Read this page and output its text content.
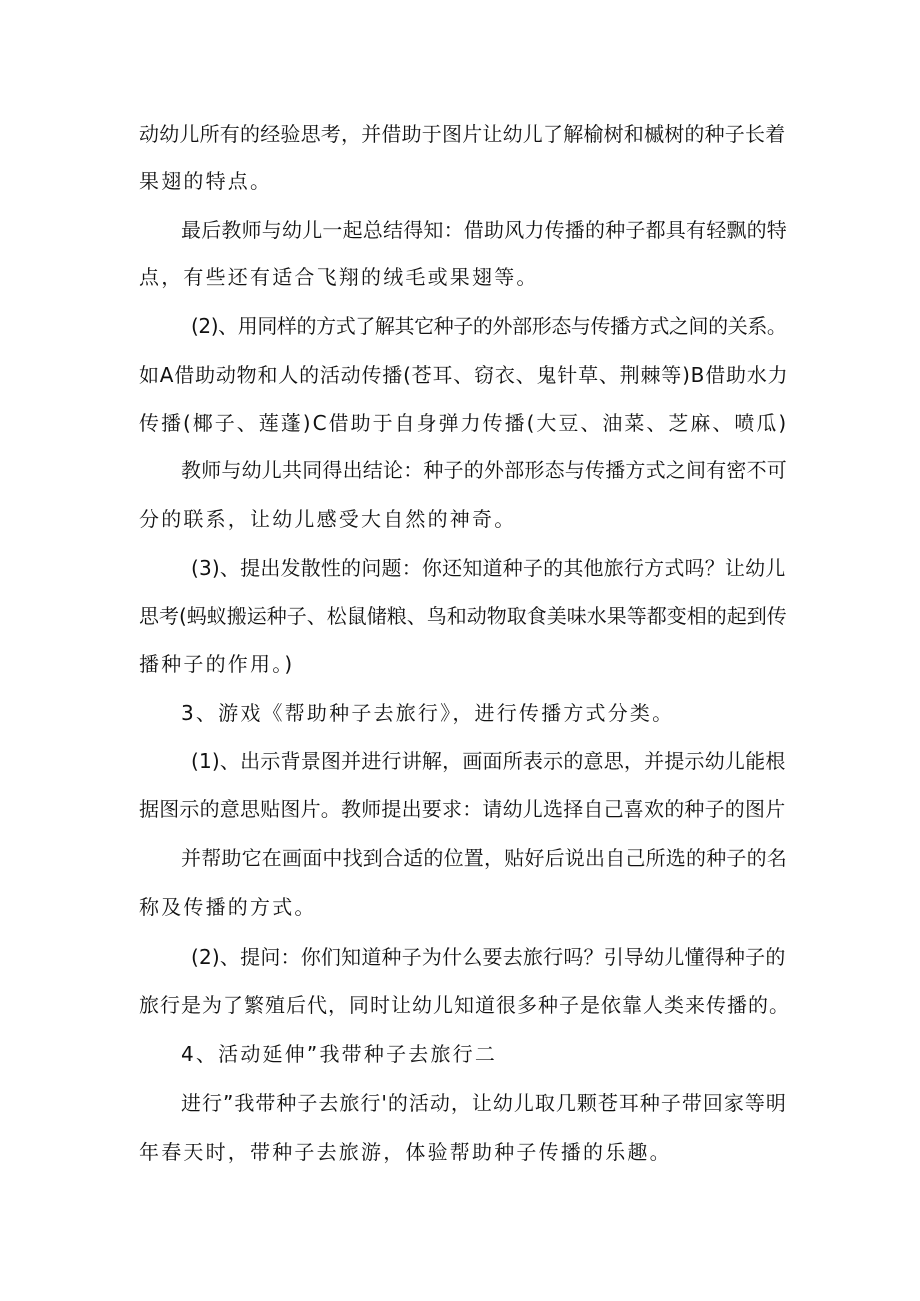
动幼儿所有的经验思考，并借助于图片让幼儿了解榆树和槭树的种子长着
果翅的特点。
最后教师与幼儿一起总结得知：借助风力传播的种子都具有轻飘的特
点，有些还有适合飞翔的绒毛或果翅等。
(2)、用同样的方式了解其它种子的外部形态与传播方式之间的关系。
如A借助动物和人的活动传播(苍耳、窃衣、鬼针草、荆棘等)B借助水力
传播(椰子、莲蓬)C借助于自身弹力传播(大豆、油菜、芝麻、喷瓜)
教师与幼儿共同得出结论：种子的外部形态与传播方式之间有密不可
分的联系，让幼儿感受大自然的神奇。
(3)、提出发散性的问题：你还知道种子的其他旅行方式吗？让幼儿
思考(蚂蚁搬运种子、松鼠储粮、鸟和动物取食美味水果等都变相的起到传
播种子的作用。)
3、游戏《帮助种子去旅行》，进行传播方式分类。
(1)、出示背景图并进行讲解，画面所表示的意思，并提示幼儿能根
据图示的意思贴图片。教师提出要求：请幼儿选择自己喜欢的种子的图片
并帮助它在画面中找到合适的位置，贴好后说出自己所选的种子的名
称及传播的方式。
(2)、提问：你们知道种子为什么要去旅行吗？引导幼儿懂得种子的
旅行是为了繁殖后代，同时让幼儿知道很多种子是依靠人类来传播的。
4、活动延伸”我带种子去旅行二
进行”我带种子去旅行'的活动，让幼儿取几颗苍耳种子带回家等明
年春天时，带种子去旅游，体验帮助种子传播的乐趣。
